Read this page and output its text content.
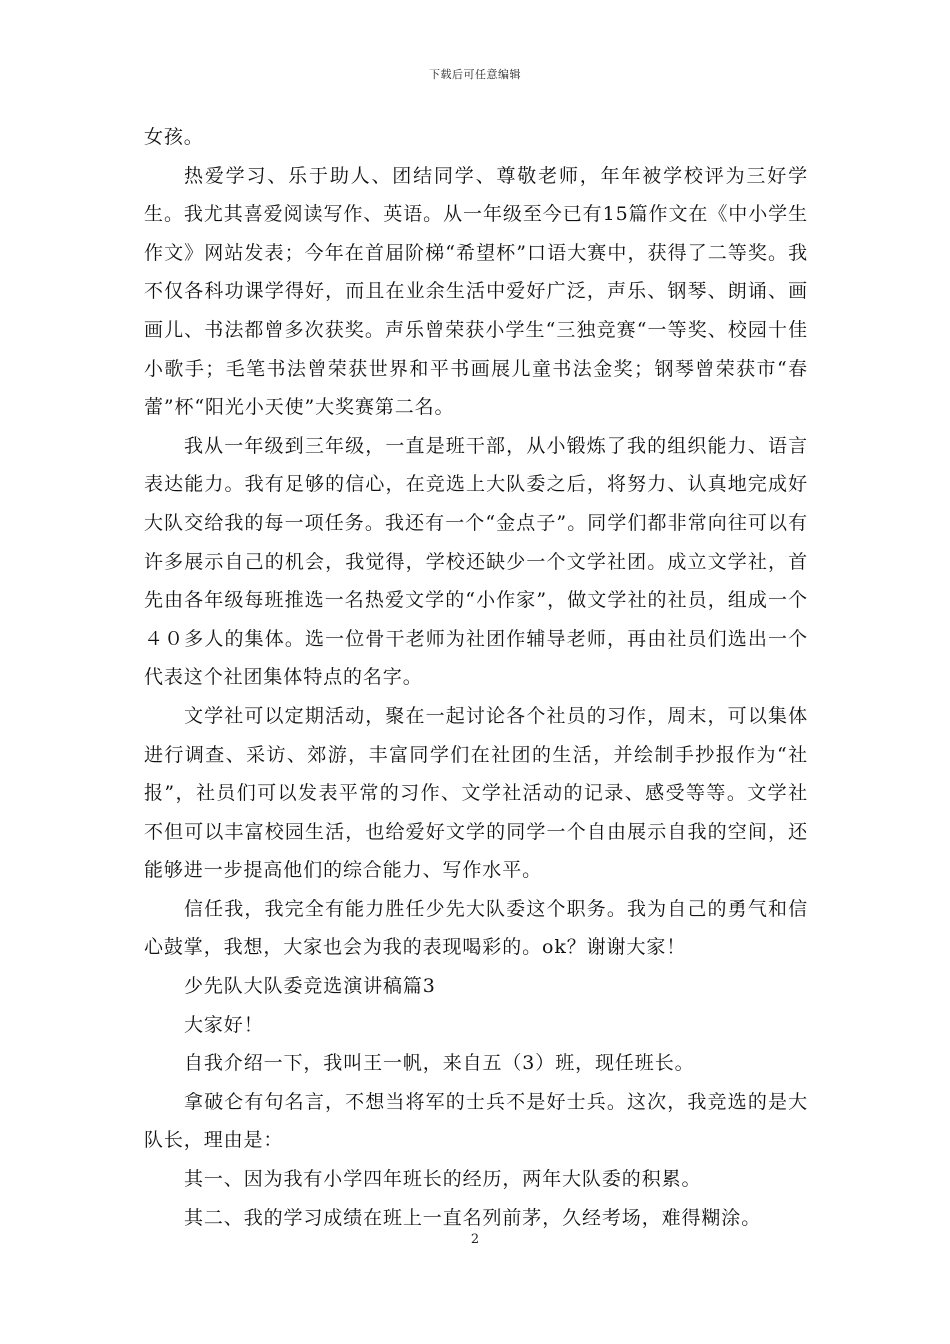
下载后可任意编辑

女孩。

热爱学习、乐于助人、团结同学、尊敬老师，年年被学校评为三好学生。我尤其喜爱阅读写作、英语。从一年级至今已有15篇作文在《中小学生作文》网站发表；今年在首届阶梯“希望杯”口语大赛中，获得了二等奖。我不仅各科功课学得好，而且在业余生活中爱好广泛，声乐、钢琴、朗诵、画画儿、书法都曾多次获奖。声乐曾荣获小学生“三独竞赛“一等奖、校园十佳小歌手；毛笔书法曾荣获世界和平书画展儿童书法金奖；钢琴曾荣获市“春蕾”杯“阳光小天使”大奖赛第二名。

我从一年级到三年级，一直是班干部，从小锻炼了我的组织能力、语言表达能力。我有足够的信心，在竞选上大队委之后，将努力、认真地完成好大队交给我的每一项任务。我还有一个“金点子”。同学们都非常向往可以有许多展示自己的机会，我觉得，学校还缺少一个文学社团。成立文学社，首先由各年级每班推选一名热爱文学的“小作家”，做文学社的社员，组成一个４０多人的集体。选一位骨干老师为社团作辅导老师，再由社员们选出一个代表这个社团集体特点的名字。

文学社可以定期活动，聚在一起讨论各个社员的习作，周末，可以集体进行调查、采访、郊游，丰富同学们在社团的生活，并绘制手抄报作为“社报”，社员们可以发表平常的习作、文学社活动的记录、感受等等。文学社不但可以丰富校园生活，也给爱好文学的同学一个自由展示自我的空间，还能够进一步提高他们的综合能力、写作水平。

信任我，我完全有能力胜任少先大队委这个职务。我为自己的勇气和信心鼓掌，我想，大家也会为我的表现喝彩的。ok？谢谢大家！

少先队大队委竞选演讲稿篇3

大家好！

自我介绍一下，我叫王一帆，来自五（3）班，现任班长。

拿破仑有句名言，不想当将军的士兵不是好士兵。这次，我竞选的是大队长，理由是：

其一、因为我有小学四年班长的经历，两年大队委的积累。

其二、我的学习成绩在班上一直名列前茅，久经考场，难得糊涂。

2
